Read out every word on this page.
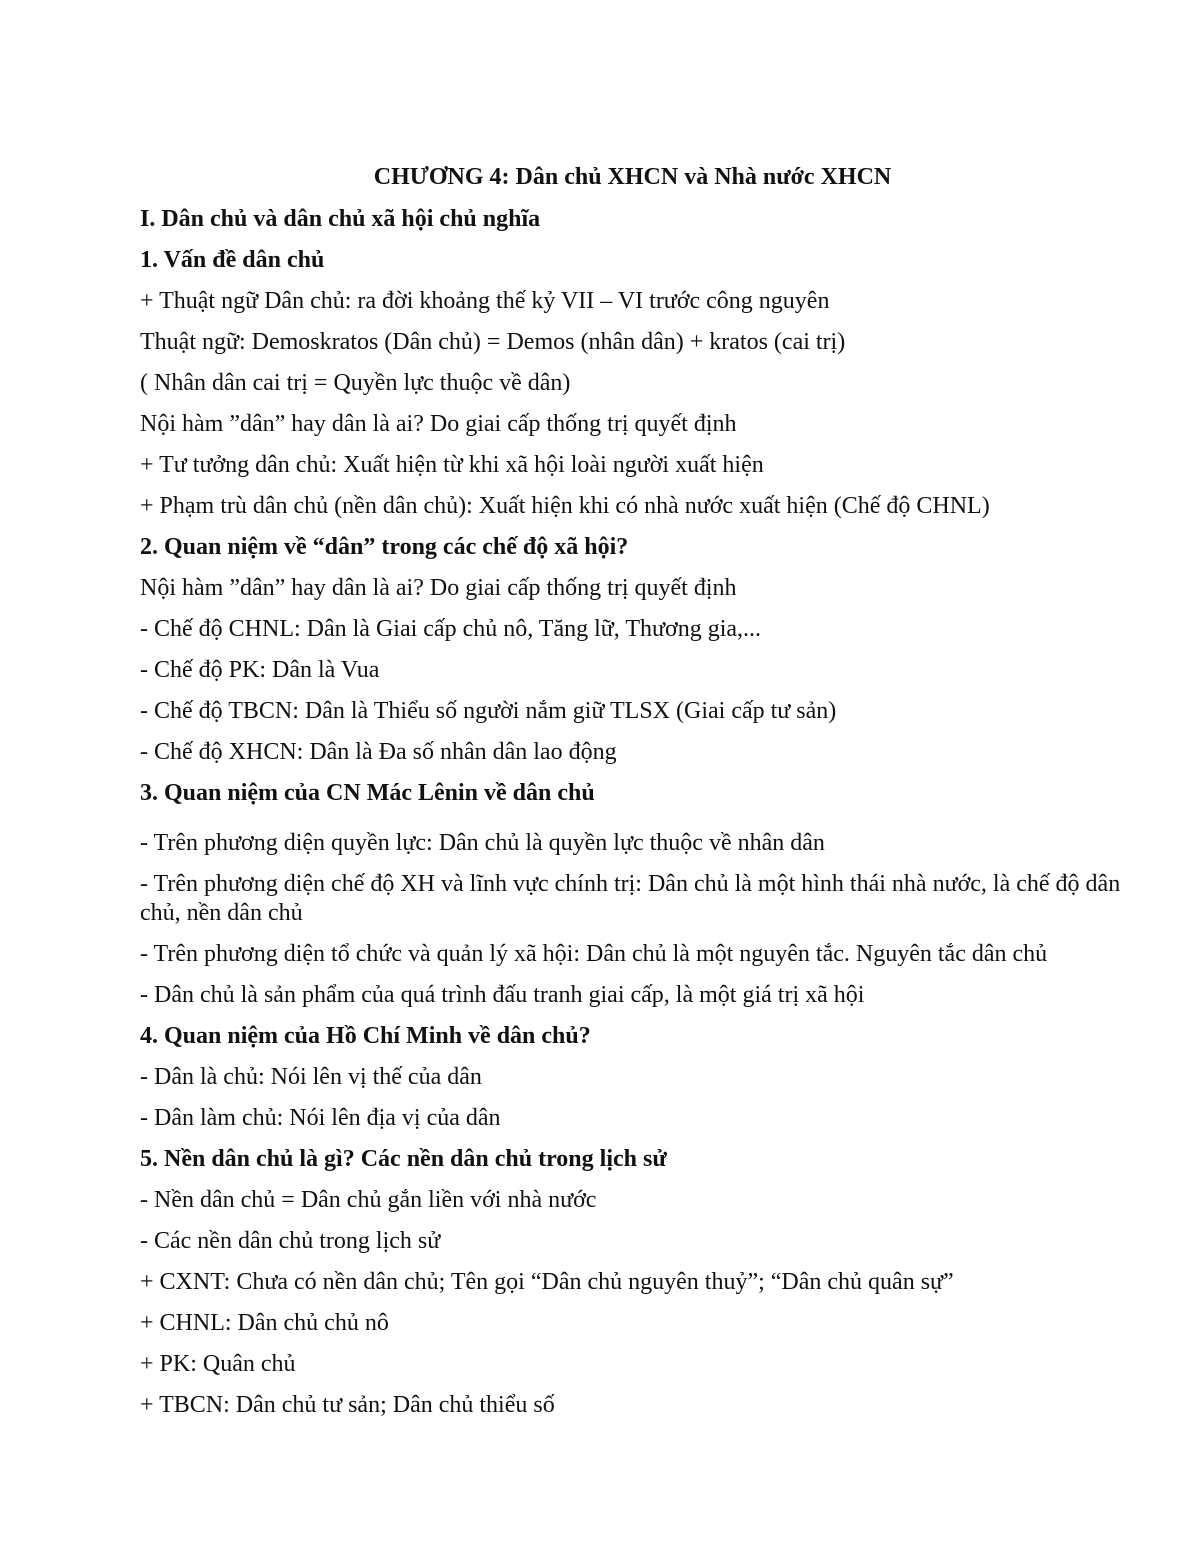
CHƯƠNG 4: Dân chủ XHCN và Nhà nước XHCN
I. Dân chủ và dân chủ xã hội chủ nghĩa
1. Vấn đề dân chủ
+ Thuật ngữ Dân chủ: ra đời khoảng thế kỷ VII – VI trước công nguyên
Thuật ngữ: Demoskratos (Dân chủ) = Demos (nhân dân) + kratos (cai trị)
( Nhân dân cai trị = Quyền lực thuộc về dân)
Nội hàm ”dân” hay dân là ai? Do giai cấp thống trị quyết định
+ Tư tưởng dân chủ: Xuất hiện từ khi xã hội loài người xuất hiện
+ Phạm trù dân chủ (nền dân chủ): Xuất hiện khi có nhà nước xuất hiện (Chế độ CHNL)
2. Quan niệm về “dân” trong các chế độ xã hội?
Nội hàm ”dân” hay dân là ai? Do giai cấp thống trị quyết định
- Chế độ CHNL: Dân là Giai cấp chủ nô, Tăng lữ, Thương gia,...
- Chế độ PK: Dân là Vua
- Chế độ TBCN: Dân là Thiểu số người nắm giữ TLSX (Giai cấp tư sản)
- Chế độ XHCN: Dân là Đa số nhân dân lao động
3. Quan niệm của CN Mác Lênin về dân chủ
- Trên phương diện quyền lực: Dân chủ là quyền lực thuộc về nhân dân
- Trên phương diện chế độ XH và lĩnh vực chính trị: Dân chủ là một hình thái nhà nước, là chế độ dân chủ, nền dân chủ
- Trên phương diện tổ chức và quản lý xã hội: Dân chủ là một nguyên tắc. Nguyên tắc dân chủ
- Dân chủ là sản phẩm của quá trình đấu tranh giai cấp, là một giá trị xã hội
4. Quan niệm của Hồ Chí Minh về dân chủ?
- Dân là chủ: Nói lên vị thế của dân
- Dân làm chủ: Nói lên địa vị của dân
5. Nền dân chủ là gì? Các nền dân chủ trong lịch sử
- Nền dân chủ = Dân chủ gắn liền với nhà nước
- Các nền dân chủ trong lịch sử
+ CXNT: Chưa có nền dân chủ; Tên gọi “Dân chủ nguyên thuỷ”; “Dân chủ quân sự”
+ CHNL: Dân chủ chủ nô
+ PK: Quân chủ
+ TBCN: Dân chủ tư sản; Dân chủ thiểu số
